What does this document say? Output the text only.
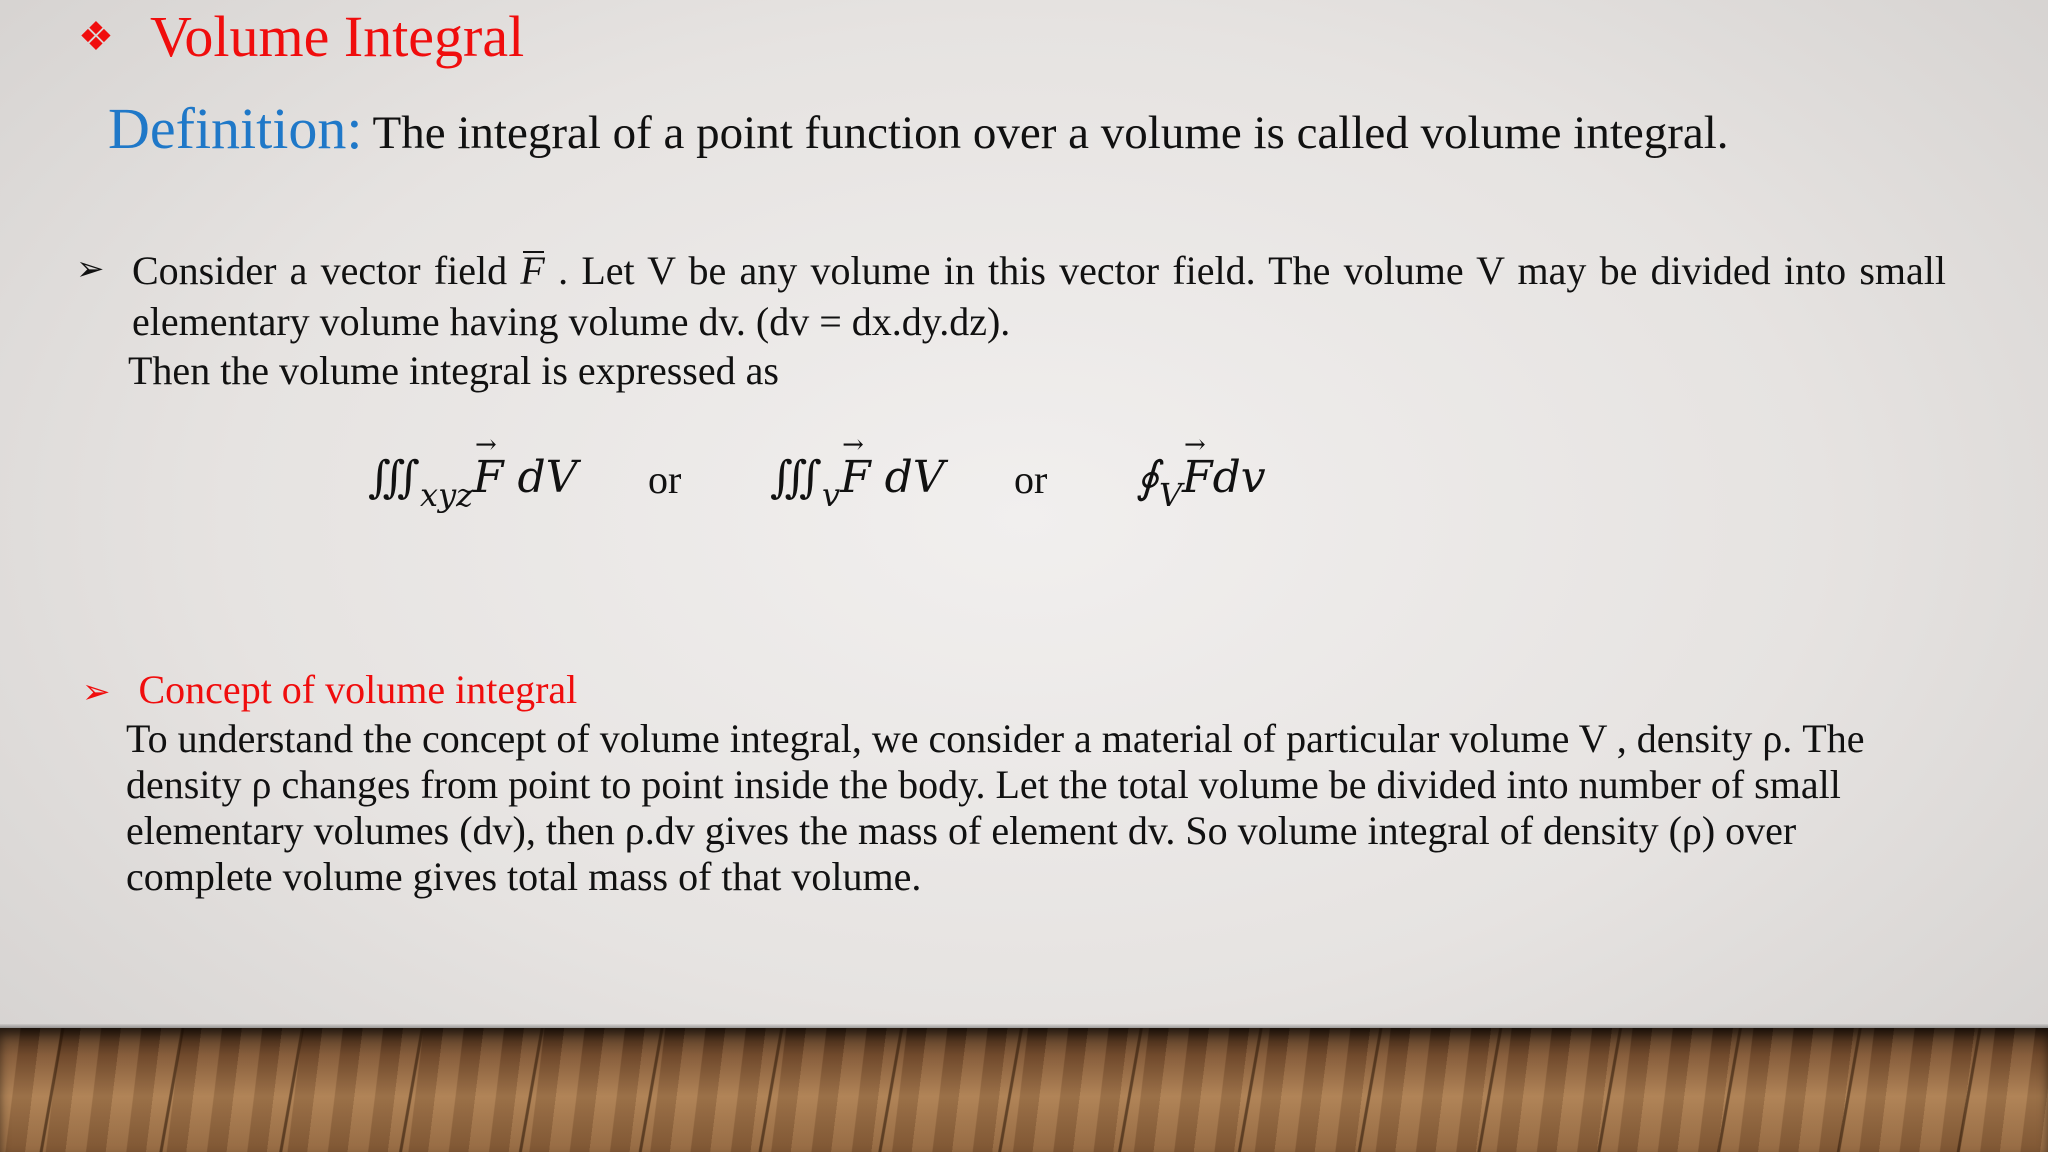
❖ Volume Integral
Definition: The integral of a point function over a volume is called volume integral.
➢ Consider a vector field F . Let V be any volume in this vector field. The volume V may be divided into small elementary volume having volume dv. (dv = dx.dy.dz).
Then the volume integral is expressed as
$∭_{xyz}\to F$ dV or $∭_v\to F$ dV or $∮_V\to$ Fdv
➢ Concept of volume integral
To understand the concept of volume integral, we consider a material of particular volume V , density ρ. The density ρ changes from point to point inside the body. Let the total volume be divided into number of small elementary volumes (dv), then ρ.dv gives the mass of element dv. So volume integral of density (ρ) over complete volume gives total mass of that volume.
